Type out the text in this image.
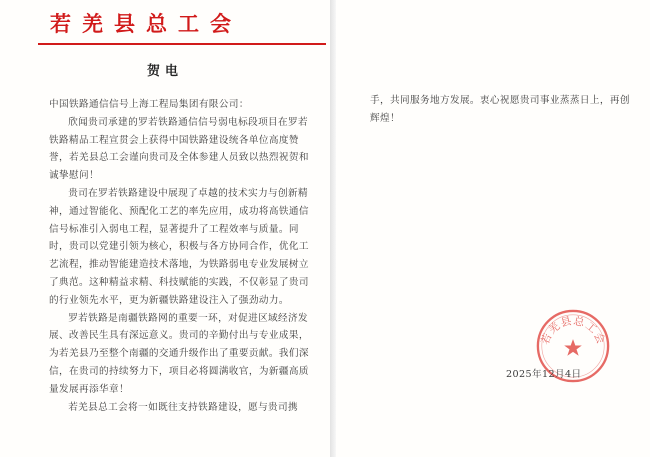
若羌县总工会
贺电

中国铁路通信信号上海工程局集团有限公司：

欣闻贵司承建的罗若铁路通信信号弱电标段项目在罗若铁路精品工程宣贯会上获得中国铁路建设统各单位高度赞誉，若羌县总工会谨向贵司及全体参建人员致以热烈祝贺和诚挚慰问！

贵司在罗若铁路建设中展现了卓越的技术实力与创新精神，通过智能化、预配化工艺的率先应用，成功将高铁通信信号标准引入弱电工程，显著提升了工程效率与质量。同时，贵司以党建引领为核心，积极与各方协同合作，优化工艺流程，推动智能建造技术落地，为铁路弱电专业发展树立了典范。这种精益求精、科技赋能的实践，不仅彰显了贵司的行业领先水平，更为新疆铁路建设注入了强劲动力。

罗若铁路是南疆铁路网的重要一环，对促进区域经济发展、改善民生具有深远意义。贵司的辛勤付出与专业成果，为若羌县乃至整个南疆的交通升级作出了重要贡献。我们深信，在贵司的持续努力下，项目必将圆满收官，为新疆高质量发展再添华章！

若羌县总工会将一如既往支持铁路建设，愿与贵司携

手，共同服务地方发展。衷心祝愿贵司事业蒸蒸日上，再创辉煌！

若羌县总工会
2025年12月4日
